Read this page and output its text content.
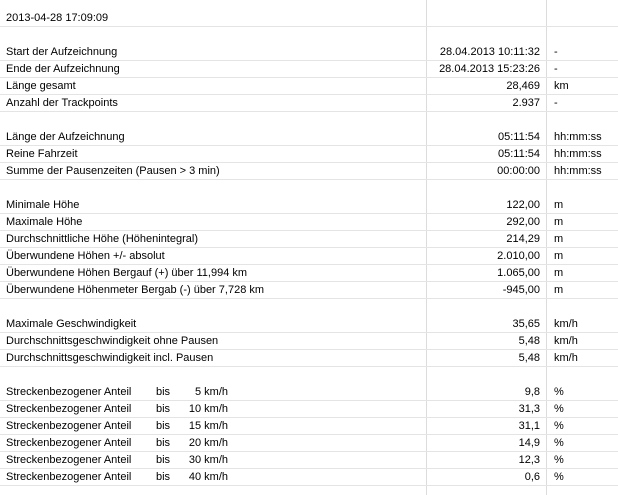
2013-04-28 17:09:09
Start der Aufzeichnung	28.04.2013 10:11:32 -
Ende der Aufzeichnung	28.04.2013 15:23:26 -
Länge gesamt	28,469 km
Anzahl der Trackpoints	2.937 -
Länge der Aufzeichnung	05:11:54 hh:mm:ss
Reine Fahrzeit	05:11:54 hh:mm:ss
Summe der Pausenzeiten (Pausen > 3 min)	00:00:00 hh:mm:ss
Minimale Höhe	122,00 m
Maximale Höhe	292,00 m
Durchschnittliche Höhe (Höhenintegral)	214,29 m
Überwundene Höhen +/- absolut	2.010,00 m
Überwundene Höhen Bergauf (+) über 11,994 km	1.065,00 m
Überwundene Höhenmeter Bergab (-) über 7,728 km	-945,00 m
Maximale Geschwindigkeit	35,65 km/h
Durchschnittsgeschwindigkeit ohne Pausen	5,48 km/h
Durchschnittsgeschwindigkeit incl. Pausen	5,48 km/h
Streckenbezogener Anteil bis	5 km/h	9,8 %
Streckenbezogener Anteil bis	10 km/h	31,3 %
Streckenbezogener Anteil bis	15 km/h	31,1 %
Streckenbezogener Anteil bis	20 km/h	14,9 %
Streckenbezogener Anteil bis	30 km/h	12,3 %
Streckenbezogener Anteil bis	40 km/h	0,6 %
